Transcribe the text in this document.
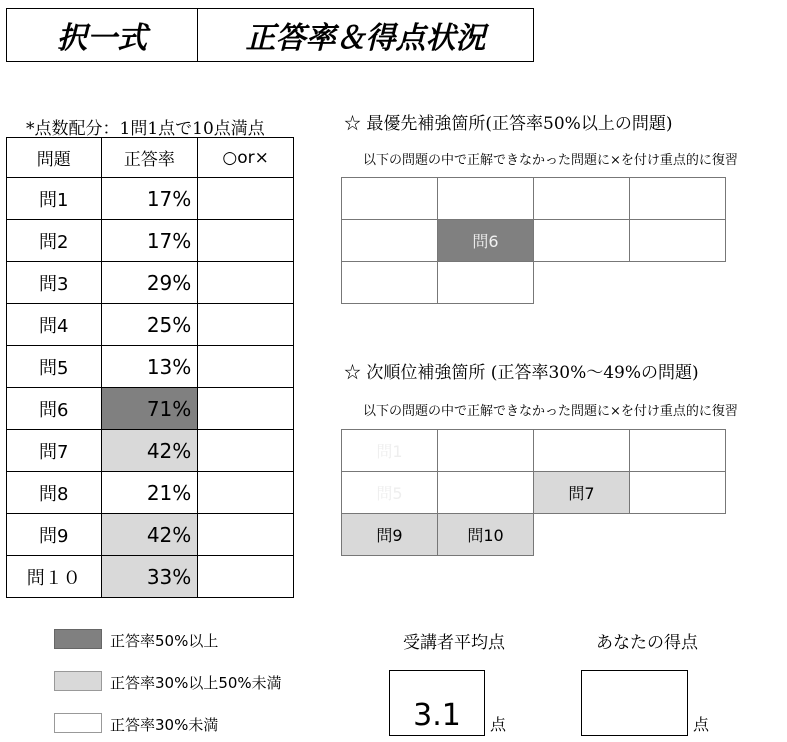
択一式	正答率＆得点状況
*点数配分：1問1点で10点満点
問題	正答率	○or×
問1	17%	
問2	17%	
問3	29%	
問4	25%	
問5	13%	
問6	71%	
問7	42%	
問8	21%	
問9	42%	
問１０	33%	
☆ 最優先補強箇所(正答率50%以上の問題)
以下の問題の中で正解できなかった問題に×を付け重点的に復習

	問6		

☆ 次順位補強箇所 (正答率30%～49%の問題)
以下の問題の中で正解できなかった問題に×を付け重点的に復習
問1			
問5		問7	
問9	問10		
正答率50%以上
正答率30%以上50%未満
正答率30%未満
受講者平均点
3.1 点
あなたの得点
点
